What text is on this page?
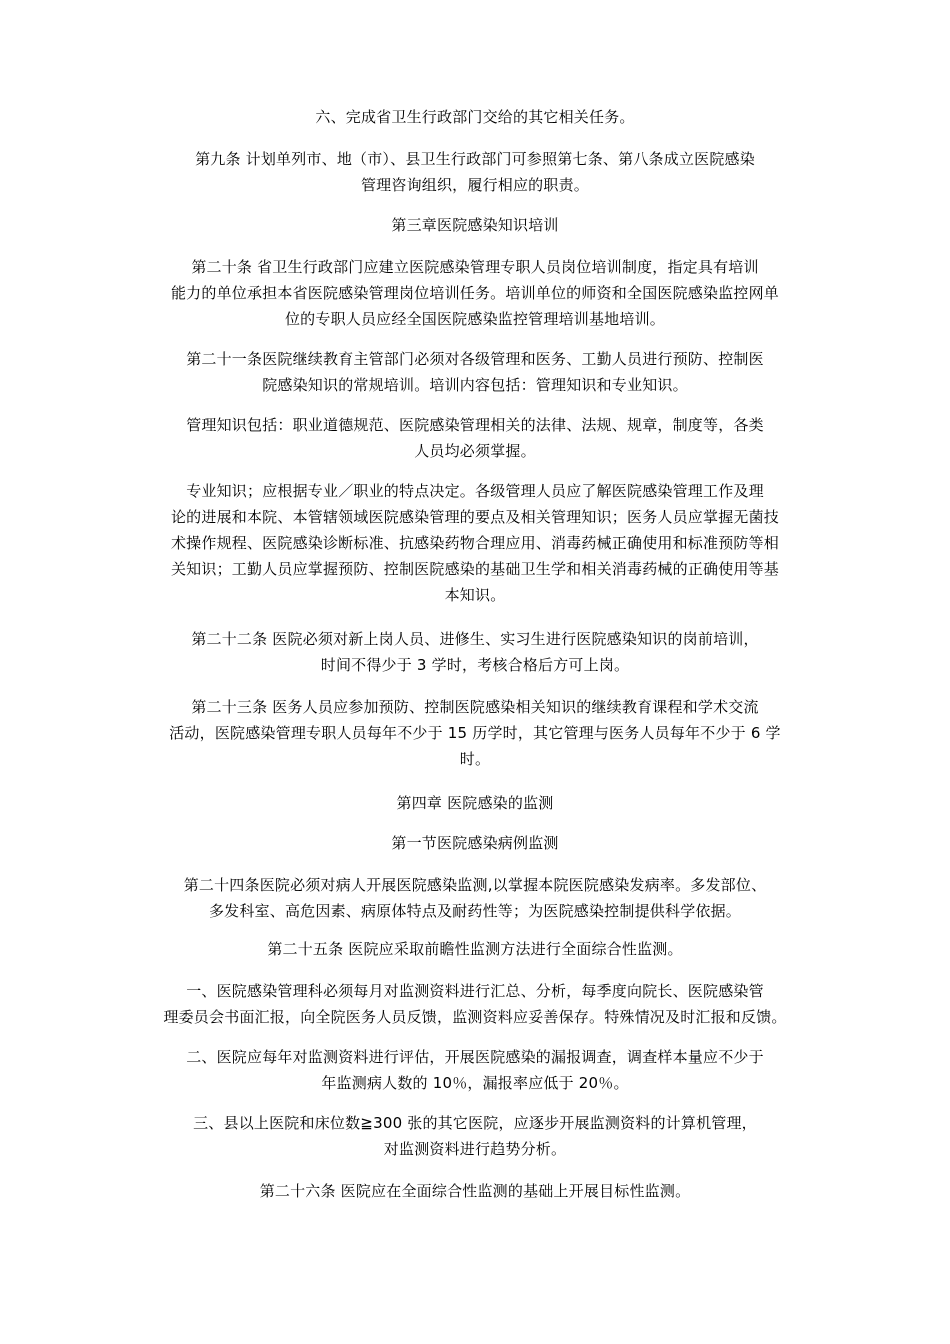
六、完成省卫生行政部门交给的其它相关任务。

第九条 计划单列市、地（市）、县卫生行政部门可参照第七条、第八条成立医院感染

管理咨询组织，履行相应的职责。

第三章医院感染知识培训

第二十条 省卫生行政部门应建立医院感染管理专职人员岗位培训制度，指定具有培训

能力的单位承担本省医院感染管理岗位培训任务。培训单位的师资和全国医院感染监控网单

位的专职人员应经全国医院感染监控管理培训基地培训。

第二十一条医院继续教育主管部门必须对各级管理和医务、工勤人员进行预防、控制医

院感染知识的常规培训。培训内容包括：管理知识和专业知识。

管理知识包括：职业道德规范、医院感染管理相关的法律、法规、规章，制度等，各类

人员均必须掌握。

专业知识；应根据专业／职业的特点决定。各级管理人员应了解医院感染管理工作及理

论的进展和本院、本管辖领域医院感染管理的要点及相关管理知识；医务人员应掌握无菌技

术操作规程、医院感染诊断标准、抗感染药物合理应用、消毒药械正确使用和标准预防等相

关知识；工勤人员应掌握预防、控制医院感染的基础卫生学和相关消毒药械的正确使用等基

本知识。

第二十二条 医院必须对新上岗人员、进修生、实习生进行医院感染知识的岗前培训，

时间不得少于 3 学时，考核合格后方可上岗。

第二十三条 医务人员应参加预防、控制医院感染相关知识的继续教育课程和学术交流

活动，医院感染管理专职人员每年不少于 15 历学时，其它管理与医务人员每年不少于 6 学

时。

第四章 医院感染的监测

第一节医院感染病例监测

第二十四条医院必须对病人开展医院感染监测,以掌握本院医院感染发病率。多发部位、

多发科室、高危因素、病原体特点及耐药性等；为医院感染控制提供科学依据。

第二十五条 医院应采取前瞻性监测方法进行全面综合性监测。

一、医院感染管理科必须每月对监测资料进行汇总、分析，每季度向院长、医院感染管

理委员会书面汇报，向全院医务人员反馈，监测资料应妥善保存。特殊情况及时汇报和反馈。

二、医院应每年对监测资料进行评估，开展医院感染的漏报调查，调查样本量应不少于

年监测病人数的 10％，漏报率应低于 20％。

三、县以上医院和床位数≧300 张的其它医院，应逐步开展监测资料的计算机管理，

对监测资料进行趋势分析。

第二十六条 医院应在全面综合性监测的基础上开展目标性监测。
